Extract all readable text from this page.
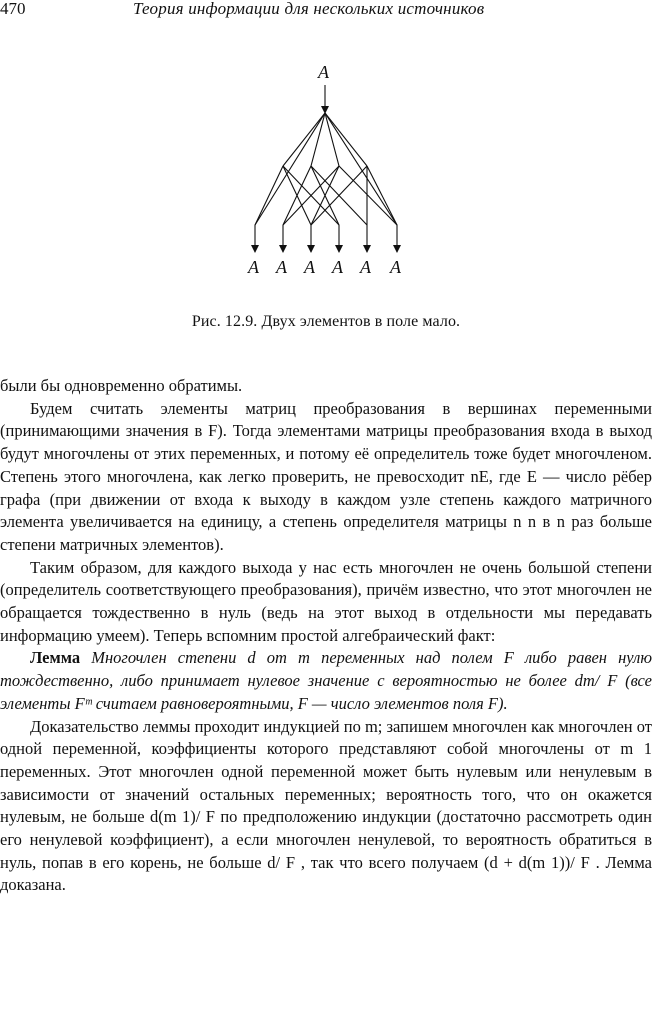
470	Теория информации для нескольких источников
A
A A A A A A
Рис. 12.9. Двух элементов в поле мало.

были бы одновременно обратимы.

Будем считать элементы матриц преобразования в вершинах переменными (принимающими значения в F). Тогда элементами матрицы преобразования входа в выход будут многочлены от этих переменных, и потому её определитель тоже будет многочленом. Степень этого многочлена, как легко проверить, не превосходит nE, где E — число рёбер графа (при движении от входа к выходу в каждом узле степень каждого матричного элемента увеличивается на единицу, а степень определителя матрицы n n в n раз больше степени матричных элементов).

Таким образом, для каждого выхода у нас есть многочлен не очень большой степени (определитель соответствующего преобразования), причём известно, что этот многочлен не обращается тождественно в нуль (ведь на этот выход в отдельности мы передавать информацию умеем). Теперь вспомним простой алгебраический факт:

Лемма Многочлен степени d от m переменных над полем F либо равен нулю тождественно, либо принимает нулевое значение с вероятностью не более dm/ F (все элементы Fᵐ считаем равновероятными, F — число элементов поля F).

Доказательство леммы проходит индукцией по m; запишем многочлен как многочлен от одной переменной, коэффициенты которого представляют собой многочлены от m 1 переменных. Этот многочлен одной переменной может быть нулевым или ненулевым в зависимости от значений остальных переменных; вероятность того, что он окажется нулевым, не больше d(m 1)/ F по предположению индукции (достаточно рассмотреть один его ненулевой коэффициент), а если многочлен ненулевой, то вероятность обратиться в нуль, попав в его корень, не больше d/ F , так что всего получаем (d + d(m 1))/ F . Лемма доказана.
